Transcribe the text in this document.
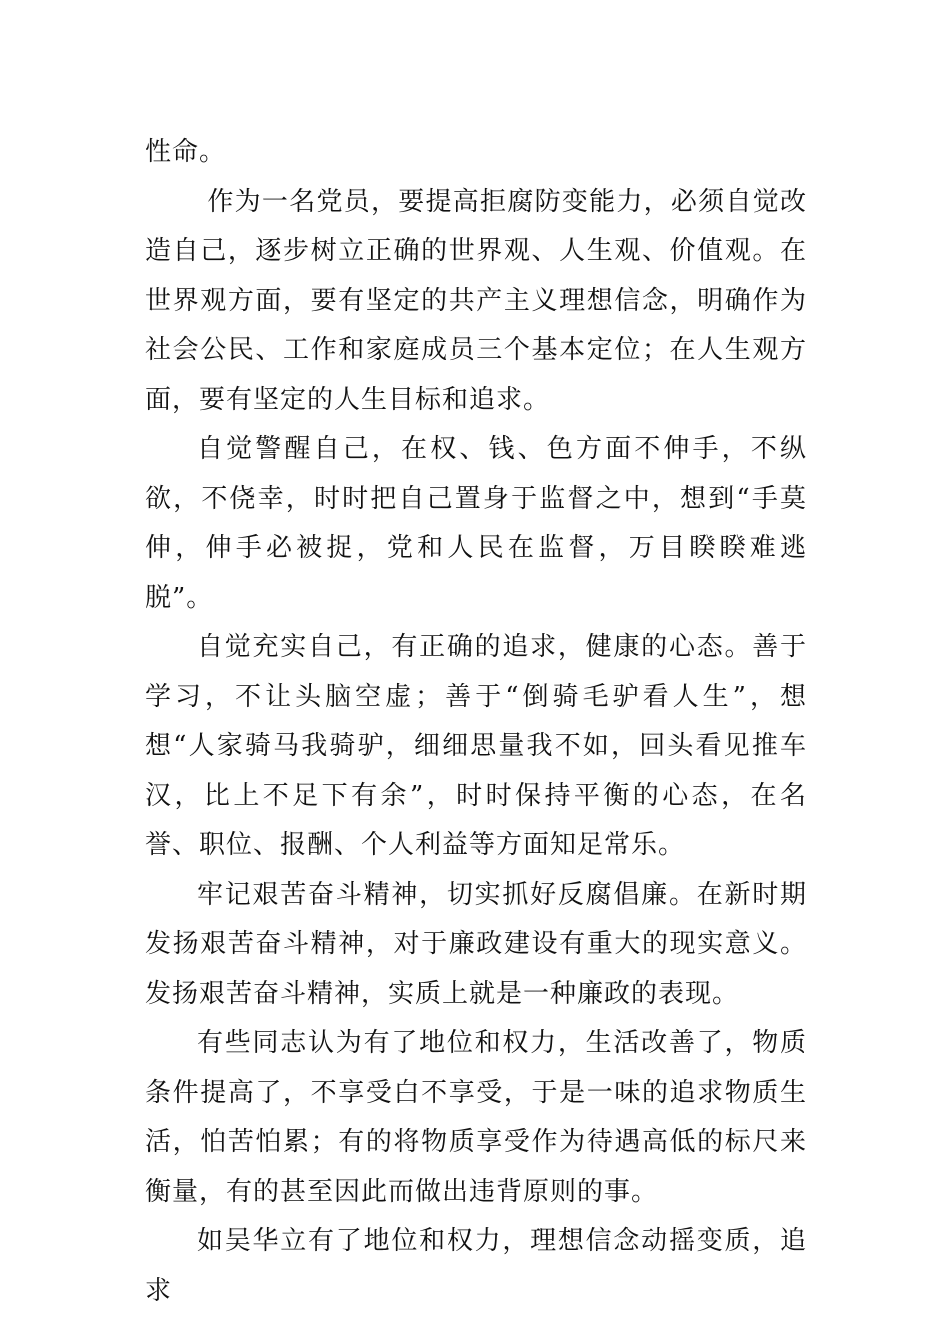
性命。

作为一名党员，要提高拒腐防变能力，必须自觉改造自己，逐步树立正确的世界观、人生观、价值观。在世界观方面，要有坚定的共产主义理想信念，明确作为社会公民、工作和家庭成员三个基本定位；在人生观方面，要有坚定的人生目标和追求。

自觉警醒自己，在权、钱、色方面不伸手，不纵欲，不侥幸，时时把自己置身于监督之中，想到“手莫伸，伸手必被捉，党和人民在监督，万目睽睽难逃脱”。

自觉充实自己，有正确的追求，健康的心态。善于学习，不让头脑空虚；善于“倒骑毛驴看人生”，想想“人家骑马我骑驴，细细思量我不如，回头看见推车汉，比上不足下有余”，时时保持平衡的心态，在名誉、职位、报酬、个人利益等方面知足常乐。

牢记艰苦奋斗精神，切实抓好反腐倡廉。在新时期发扬艰苦奋斗精神，对于廉政建设有重大的现实意义。发扬艰苦奋斗精神，实质上就是一种廉政的表现。

有些同志认为有了地位和权力，生活改善了，物质条件提高了，不享受白不享受，于是一味的追求物质生活，怕苦怕累；有的将物质享受作为待遇高低的标尺来衡量，有的甚至因此而做出违背原则的事。

如吴华立有了地位和权力，理想信念动摇变质，追求
